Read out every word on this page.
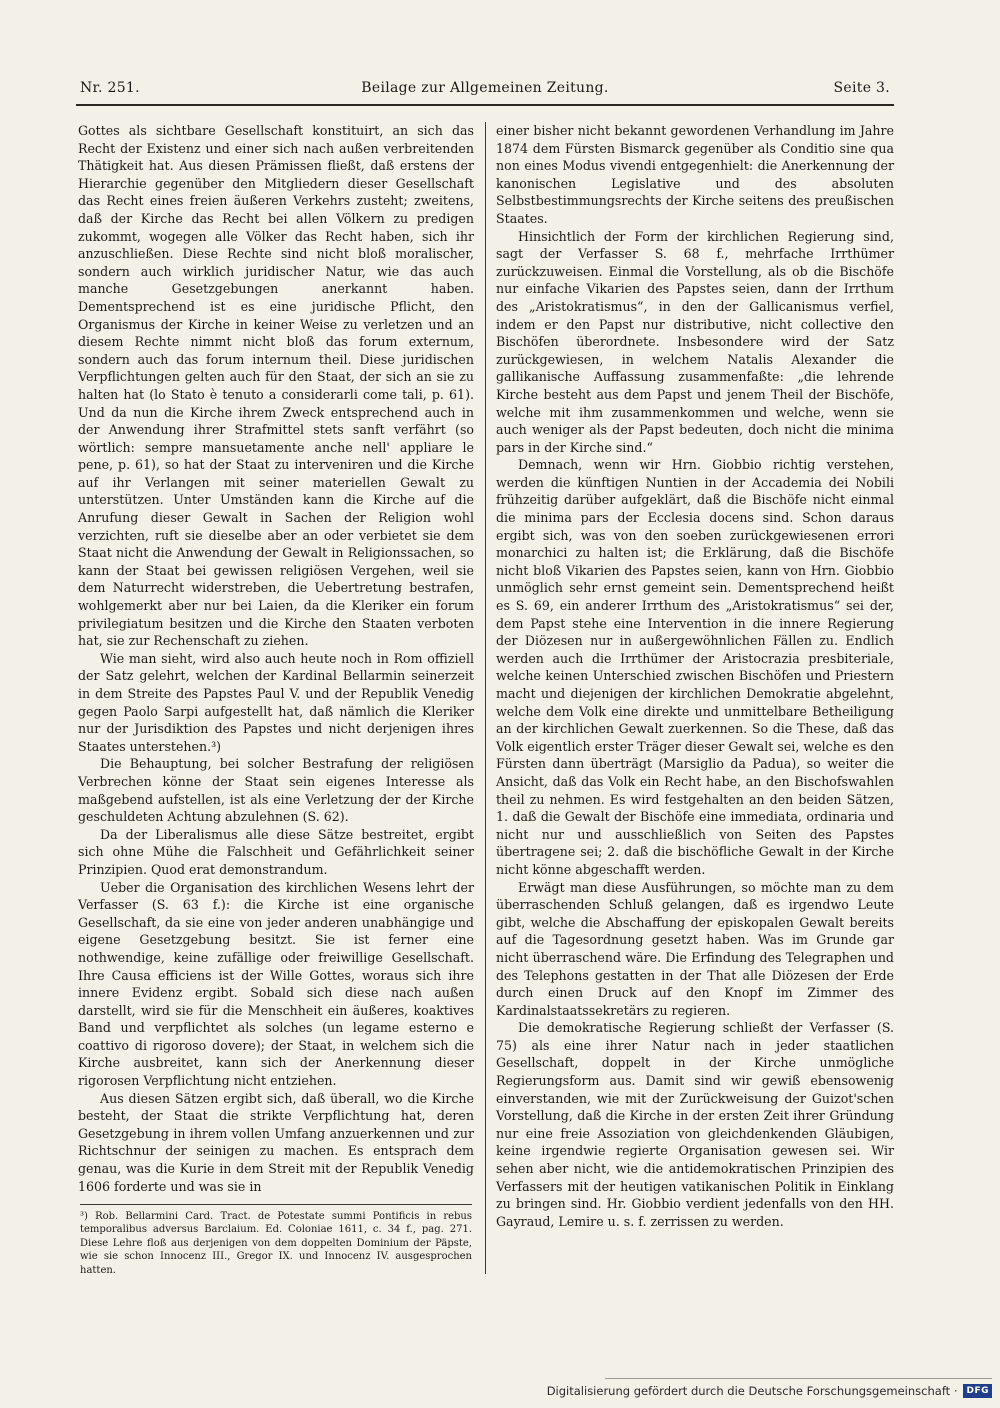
Nr. 251.	Beilage zur Allgemeinen Zeitung.	Seite 3.

Gottes als sichtbare Gesellschaft konstituirt, an sich das Recht der Existenz und einer sich nach außen verbreitenden Thätigkeit hat. Aus diesen Prämissen fließt, daß erstens der Hierarchie gegenüber den Mitgliedern dieser Gesellschaft das Recht eines freien äußeren Verkehrs zusteht; zweitens, daß der Kirche das Recht bei allen Völkern zu predigen zukommt, wogegen alle Völker das Recht haben, sich ihr anzuschließen. Diese Rechte sind nicht bloß moralischer, sondern auch wirklich juridischer Natur, wie das auch manche Gesetzgebungen anerkannt haben. Dementsprechend ist es eine juridische Pflicht, den Organismus der Kirche in keiner Weise zu verletzen und an diesem Rechte nimmt nicht bloß das forum externum, sondern auch das forum internum theil. Diese juridischen Verpflichtungen gelten auch für den Staat, der sich an sie zu halten hat (lo Stato è tenuto a considerarli come tali, p. 61). Und da nun die Kirche ihrem Zweck entsprechend auch in der Anwendung ihrer Strafmittel stets sanft verfährt (so wörtlich: sempre mansuetamente anche nell' appliare le pene, p. 61), so hat der Staat zu interveniren und die Kirche auf ihr Verlangen mit seiner materiellen Gewalt zu unterstützen. Unter Umständen kann die Kirche auf die Anrufung dieser Gewalt in Sachen der Religion wohl verzichten, ruft sie dieselbe aber an oder verbietet sie dem Staat nicht die Anwendung der Gewalt in Religionssachen, so kann der Staat bei gewissen religiösen Vergehen, weil sie dem Naturrecht widerstreben, die Uebertretung bestrafen, wohlgemerkt aber nur bei Laien, da die Kleriker ein forum privilegiatum besitzen und die Kirche den Staaten verboten hat, sie zur Rechenschaft zu ziehen.

Wie man sieht, wird also auch heute noch in Rom offiziell der Satz gelehrt, welchen der Kardinal Bellarmin seinerzeit in dem Streite des Papstes Paul V. und der Republik Venedig gegen Paolo Sarpi aufgestellt hat, daß nämlich die Kleriker nur der Jurisdiktion des Papstes und nicht derjenigen ihres Staates unterstehen.³)

Die Behauptung, bei solcher Bestrafung der religiösen Verbrechen könne der Staat sein eigenes Interesse als maßgebend aufstellen, ist als eine Verletzung der der Kirche geschuldeten Achtung abzulehnen (S. 62).

Da der Liberalismus alle diese Sätze bestreitet, ergibt sich ohne Mühe die Falschheit und Gefährlichkeit seiner Prinzipien. Quod erat demonstrandum.

Ueber die Organisation des kirchlichen Wesens lehrt der Verfasser (S. 63 f.): die Kirche ist eine organische Gesellschaft, da sie eine von jeder anderen unabhängige und eigene Gesetzgebung besitzt. Sie ist ferner eine nothwendige, keine zufällige oder freiwillige Gesellschaft. Ihre Causa efficiens ist der Wille Gottes, woraus sich ihre innere Evidenz ergibt. Sobald sich diese nach außen darstellt, wird sie für die Menschheit ein äußeres, koaktives Band und verpflichtet als solches (un legame esterno e coattivo di rigoroso dovere); der Staat, in welchem sich die Kirche ausbreitet, kann sich der Anerkennung dieser rigorosen Verpflichtung nicht entziehen.

Aus diesen Sätzen ergibt sich, daß überall, wo die Kirche besteht, der Staat die strikte Verpflichtung hat, deren Gesetzgebung in ihrem vollen Umfang anzuerkennen und zur Richtschnur der seinigen zu machen. Es entsprach dem genau, was die Kurie in dem Streit mit der Republik Venedig 1606 forderte und was sie in

³) Rob. Bellarmini Card. Tract. de Potestate summi Pontificis in rebus temporalibus adversus Barclaium. Ed. Coloniae 1611, c. 34 f., pag. 271. Diese Lehre floß aus derjenigen von dem doppelten Dominium der Päpste, wie sie schon Innocenz III., Gregor IX. und Innocenz IV. ausgesprochen hatten.

einer bisher nicht bekannt gewordenen Verhandlung im Jahre 1874 dem Fürsten Bismarck gegenüber als Conditio sine qua non eines Modus vivendi entgegenhielt: die Anerkennung der kanonischen Legislative und des absoluten Selbstbestimmungsrechts der Kirche seitens des preußischen Staates.

Hinsichtlich der Form der kirchlichen Regierung sind, sagt der Verfasser S. 68 f., mehrfache Irrthümer zurückzuweisen. Einmal die Vorstellung, als ob die Bischöfe nur einfache Vikarien des Papstes seien, dann der Irrthum des „Aristokratismus“, in den der Gallicanismus verfiel, indem er den Papst nur distributive, nicht collective den Bischöfen überordnete. Insbesondere wird der Satz zurückgewiesen, in welchem Natalis Alexander die gallikanische Auffassung zusammenfaßte: „die lehrende Kirche besteht aus dem Papst und jenem Theil der Bischöfe, welche mit ihm zusammenkommen und welche, wenn sie auch weniger als der Papst bedeuten, doch nicht die minima pars in der Kirche sind.“

Demnach, wenn wir Hrn. Giobbio richtig verstehen, werden die künftigen Nuntien in der Accademia dei Nobili frühzeitig darüber aufgeklärt, daß die Bischöfe nicht einmal die minima pars der Ecclesia docens sind. Schon daraus ergibt sich, was von den soeben zurückgewiesenen errori monarchici zu halten ist; die Erklärung, daß die Bischöfe nicht bloß Vikarien des Papstes seien, kann von Hrn. Giobbio unmöglich sehr ernst gemeint sein. Dementsprechend heißt es S. 69, ein anderer Irrthum des „Aristokratismus“ sei der, dem Papst stehe eine Intervention in die innere Regierung der Diözesen nur in außergewöhnlichen Fällen zu. Endlich werden auch die Irrthümer der Aristocrazia presbiteriale, welche keinen Unterschied zwischen Bischöfen und Priestern macht und diejenigen der kirchlichen Demokratie abgelehnt, welche dem Volk eine direkte und unmittelbare Betheiligung an der kirchlichen Gewalt zuerkennen. So die These, daß das Volk eigentlich erster Träger dieser Gewalt sei, welche es den Fürsten dann überträgt (Marsiglio da Padua), so weiter die Ansicht, daß das Volk ein Recht habe, an den Bischofswahlen theil zu nehmen. Es wird festgehalten an den beiden Sätzen, 1. daß die Gewalt der Bischöfe eine immediata, ordinaria und nicht nur und ausschließlich von Seiten des Papstes übertragene sei; 2. daß die bischöfliche Gewalt in der Kirche nicht könne abgeschafft werden.

Erwägt man diese Ausführungen, so möchte man zu dem überraschenden Schluß gelangen, daß es irgendwo Leute gibt, welche die Abschaffung der episkopalen Gewalt bereits auf die Tagesordnung gesetzt haben. Was im Grunde gar nicht überraschend wäre. Die Erfindung des Telegraphen und des Telephons gestatten in der That alle Diözesen der Erde durch einen Druck auf den Knopf im Zimmer des Kardinalstaatssekretärs zu regieren.

Die demokratische Regierung schließt der Verfasser (S. 75) als eine ihrer Natur nach in jeder staatlichen Gesellschaft, doppelt in der Kirche unmögliche Regierungsform aus. Damit sind wir gewiß ebensowenig einverstanden, wie mit der Zurückweisung der Guizot'schen Vorstellung, daß die Kirche in der ersten Zeit ihrer Gründung nur eine freie Assoziation von gleichdenkenden Gläubigen, keine irgendwie regierte Organisation gewesen sei. Wir sehen aber nicht, wie die antidemokratischen Prinzipien des Verfassers mit der heutigen vatikanischen Politik in Einklang zu bringen sind. Hr. Giobbio verdient jedenfalls von den HH. Gayraud, Lemire u. s. f. zerrissen zu werden.

Digitalisierung gefördert durch die Deutsche Forschungsgemeinschaft ·	DFG
